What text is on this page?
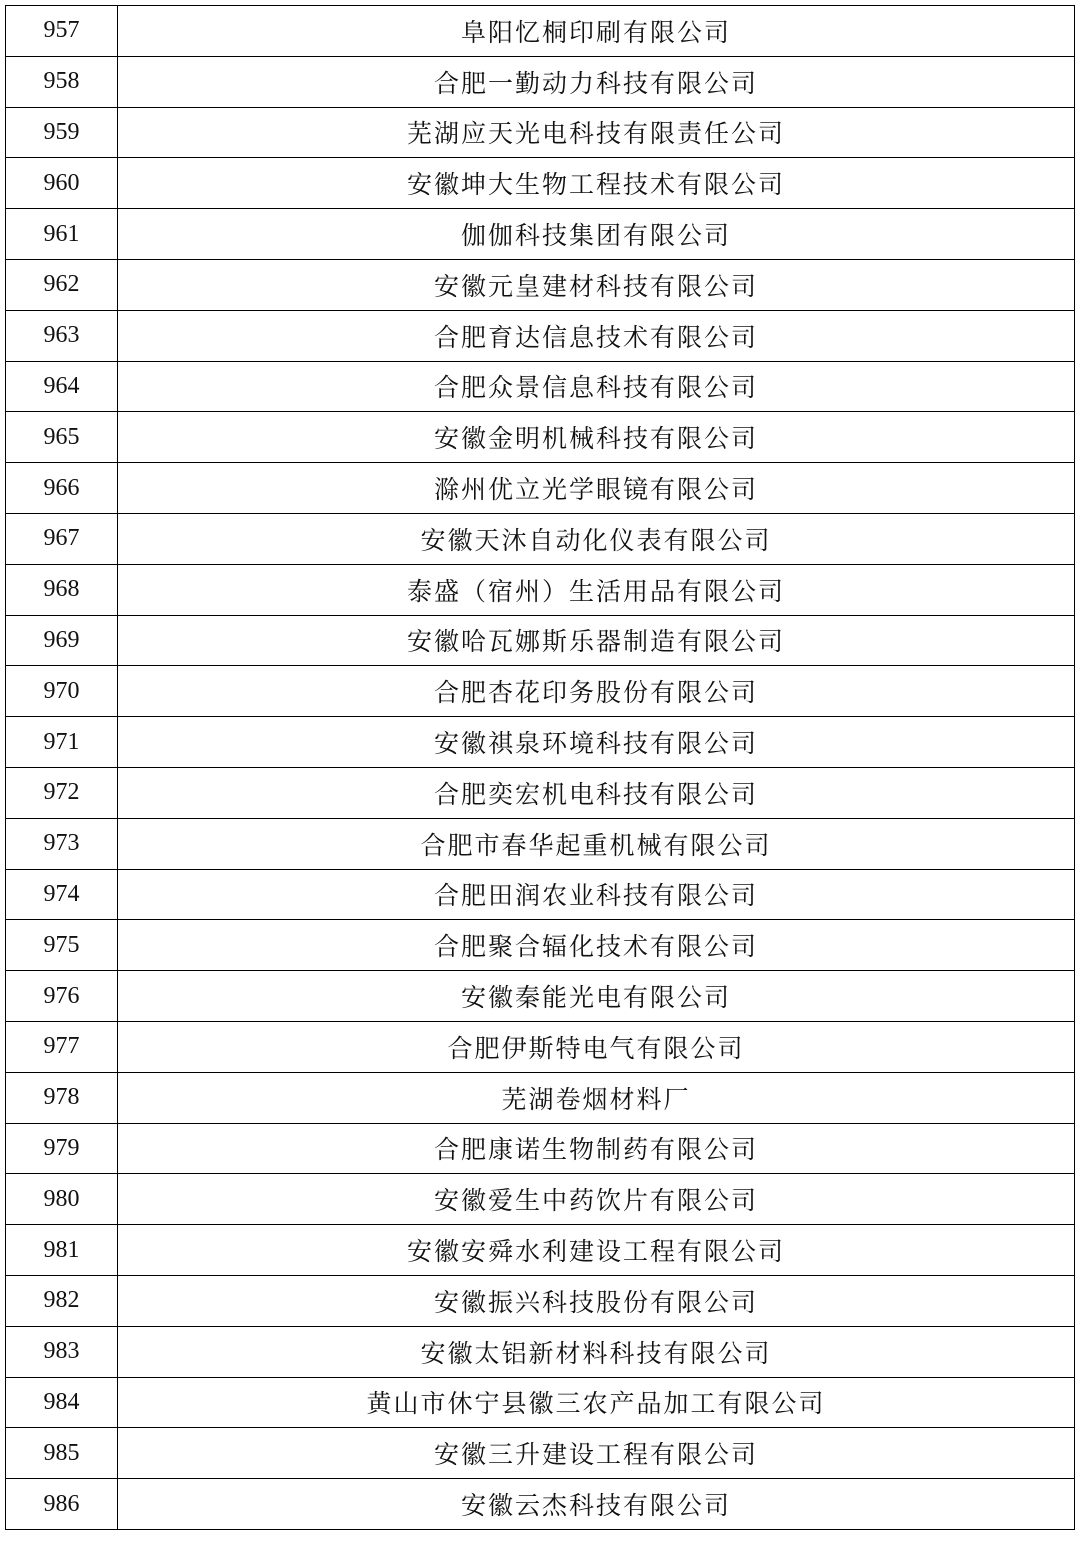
957	阜阳忆桐印刷有限公司
958	合肥一勤动力科技有限公司
959	芜湖应天光电科技有限责任公司
960	安徽坤大生物工程技术有限公司
961	伽伽科技集团有限公司
962	安徽元皇建材科技有限公司
963	合肥育达信息技术有限公司
964	合肥众景信息科技有限公司
965	安徽金明机械科技有限公司
966	滁州优立光学眼镜有限公司
967	安徽天沐自动化仪表有限公司
968	泰盛（宿州）生活用品有限公司
969	安徽哈瓦娜斯乐器制造有限公司
970	合肥杏花印务股份有限公司
971	安徽祺泉环境科技有限公司
972	合肥奕宏机电科技有限公司
973	合肥市春华起重机械有限公司
974	合肥田润农业科技有限公司
975	合肥聚合辐化技术有限公司
976	安徽秦能光电有限公司
977	合肥伊斯特电气有限公司
978	芜湖卷烟材料厂
979	合肥康诺生物制药有限公司
980	安徽爱生中药饮片有限公司
981	安徽安舜水利建设工程有限公司
982	安徽振兴科技股份有限公司
983	安徽太铝新材料科技有限公司
984	黄山市休宁县徽三农产品加工有限公司
985	安徽三升建设工程有限公司
986	安徽云杰科技有限公司
